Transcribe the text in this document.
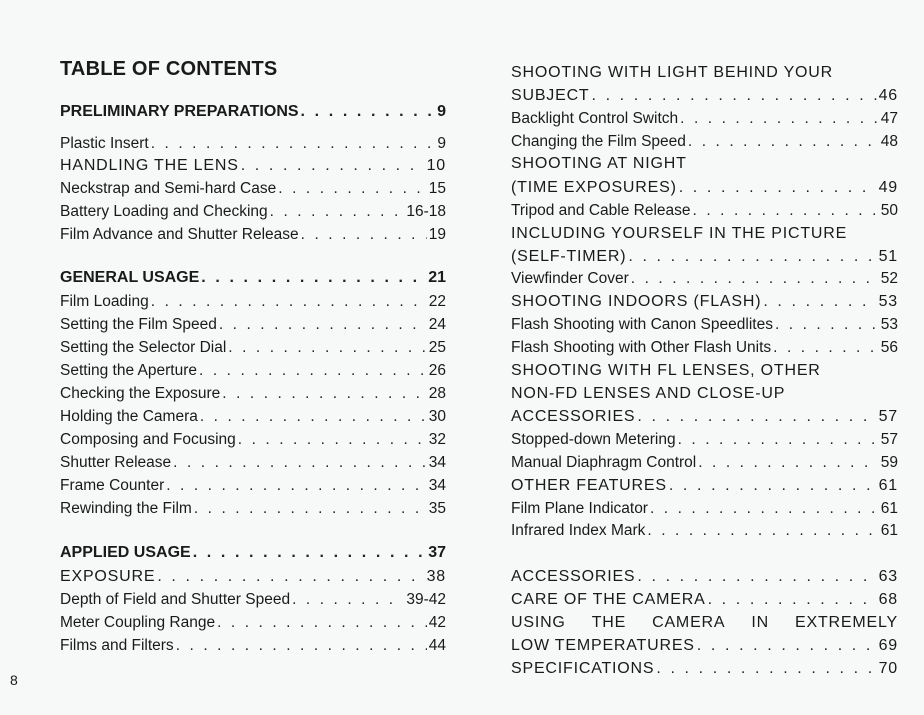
TABLE OF CONTENTS
PRELIMINARY PREPARATIONS . . .	9
Plastic Insert . . .	9
HANDLING THE LENS . . .	10
Neckstrap and Semi-hard Case . . .	15
Battery Loading and Checking . . .	16-18
Film Advance and Shutter Release . . .	19
GENERAL USAGE . . .	21
Film Loading . . .	22
Setting the Film Speed . . .	24
Setting the Selector Dial . . .	25
Setting the Aperture . . .	26
Checking the Exposure . . .	28
Holding the Camera . . .	30
Composing and Focusing . . .	32
Shutter Release . . .	34
Frame Counter . . .	34
Rewinding the Film . . .	35
APPLIED USAGE . . .	37
EXPOSURE . . .	38
Depth of Field and Shutter Speed . . .	39-42
Meter Coupling Range . . .	42
Films and Filters . . .	44
SHOOTING WITH LIGHT BEHIND YOUR
SUBJECT . . .	46
Backlight Control Switch . . .	47
Changing the Film Speed . . .	48
SHOOTING AT NIGHT
(TIME EXPOSURES) . . .	49
Tripod and Cable Release . . .	50
INCLUDING YOURSELF IN THE PICTURE
(SELF-TIMER) . . .	51
Viewfinder Cover . . .	52
SHOOTING INDOORS (FLASH) . . .	53
Flash Shooting with Canon Speedlites . . .	53
Flash Shooting with Other Flash Units . . .	56
SHOOTING WITH FL LENSES, OTHER
NON-FD LENSES AND CLOSE-UP
ACCESSORIES . . .	57
Stopped-down Metering . . .	57
Manual Diaphragm Control . . .	59
OTHER FEATURES . . .	61
Film Plane Indicator . . .	61
Infrared Index Mark . . .	61
ACCESSORIES . . .	63
CARE OF THE CAMERA . . .	68
USING THE CAMERA IN EXTREMELY
LOW TEMPERATURES . . .	69
SPECIFICATIONS . . .	70
8
